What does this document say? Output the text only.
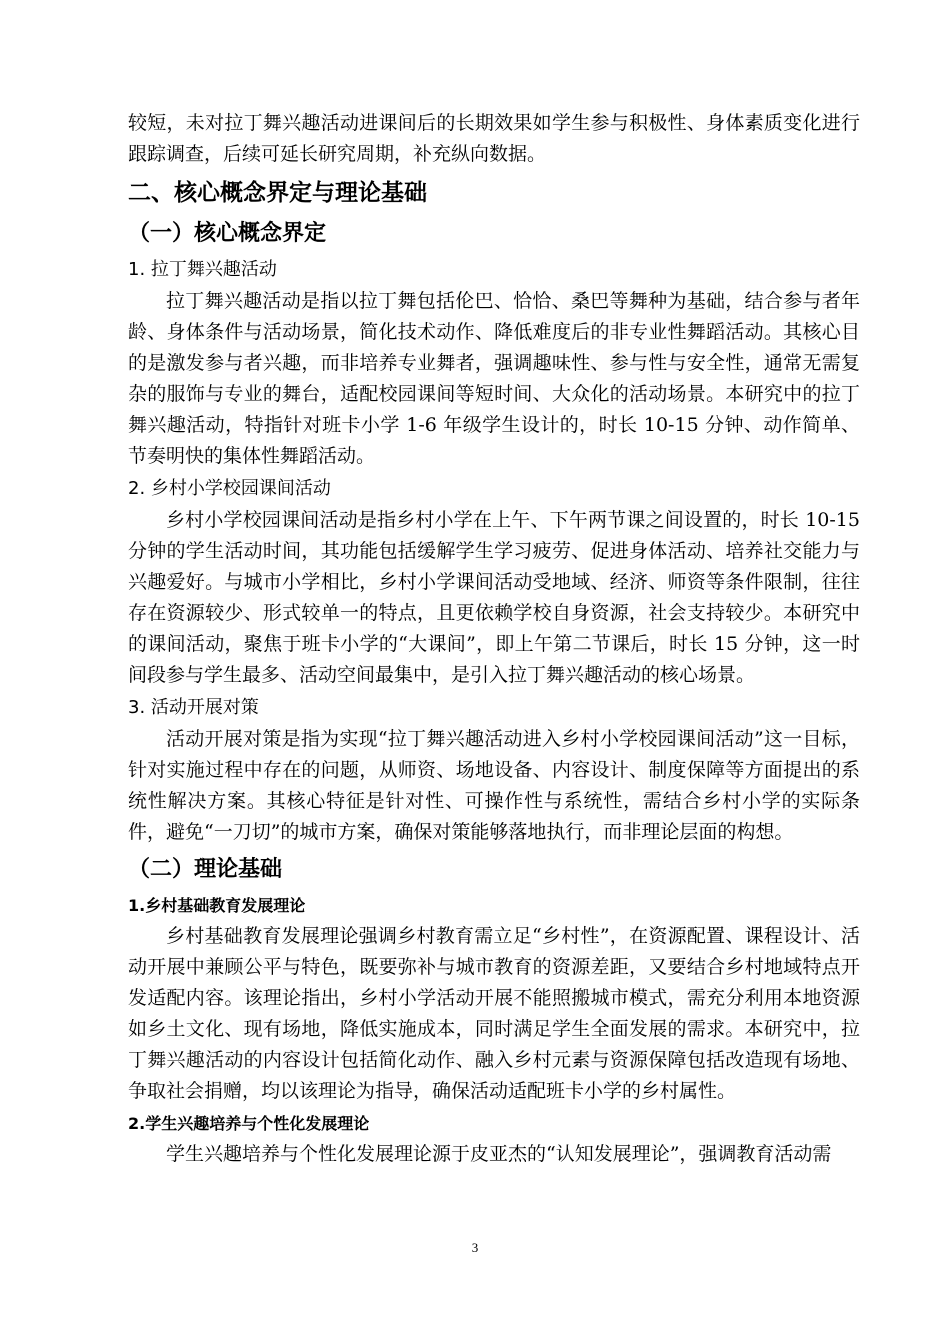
较短，未对拉丁舞兴趣活动进课间后的长期效果如学生参与积极性、身体素质变化进行跟踪调查，后续可延长研究周期，补充纵向数据。

二、核心概念界定与理论基础
（一）核心概念界定
1. 拉丁舞兴趣活动

拉丁舞兴趣活动是指以拉丁舞包括伦巴、恰恰、桑巴等舞种为基础，结合参与者年龄、身体条件与活动场景，简化技术动作、降低难度后的非专业性舞蹈活动。其核心目的是激发参与者兴趣，而非培养专业舞者，强调趣味性、参与性与安全性，通常无需复杂的服饰与专业的舞台，适配校园课间等短时间、大众化的活动场景。本研究中的拉丁舞兴趣活动，特指针对班卡小学 1-6 年级学生设计的，时长 10-15 分钟、动作简单、节奏明快的集体性舞蹈活动。

2. 乡村小学校园课间活动

乡村小学校园课间活动是指乡村小学在上午、下午两节课之间设置的，时长 10-15 分钟的学生活动时间，其功能包括缓解学生学习疲劳、促进身体活动、培养社交能力与兴趣爱好。与城市小学相比，乡村小学课间活动受地域、经济、师资等条件限制，往往存在资源较少、形式较单一的特点，且更依赖学校自身资源，社会支持较少。本研究中的课间活动，聚焦于班卡小学的“大课间”，即上午第二节课后，时长 15 分钟，这一时间段参与学生最多、活动空间最集中，是引入拉丁舞兴趣活动的核心场景。

3. 活动开展对策

活动开展对策是指为实现“拉丁舞兴趣活动进入乡村小学校园课间活动”这一目标，针对实施过程中存在的问题，从师资、场地设备、内容设计、制度保障等方面提出的系统性解决方案。其核心特征是针对性、可操作性与系统性，需结合乡村小学的实际条件，避免“一刀切”的城市方案，确保对策能够落地执行，而非理论层面的构想。

（二）理论基础
1.乡村基础教育发展理论

乡村基础教育发展理论强调乡村教育需立足“乡村性”，在资源配置、课程设计、活动开展中兼顾公平与特色，既要弥补与城市教育的资源差距，又要结合乡村地域特点开发适配内容。该理论指出，乡村小学活动开展不能照搬城市模式，需充分利用本地资源如乡土文化、现有场地，降低实施成本，同时满足学生全面发展的需求。本研究中，拉丁舞兴趣活动的内容设计包括简化动作、融入乡村元素与资源保障包括改造现有场地、争取社会捐赠，均以该理论为指导，确保活动适配班卡小学的乡村属性。

2.学生兴趣培养与个性化发展理论

学生兴趣培养与个性化发展理论源于皮亚杰的“认知发展理论”，强调教育活动需

3
